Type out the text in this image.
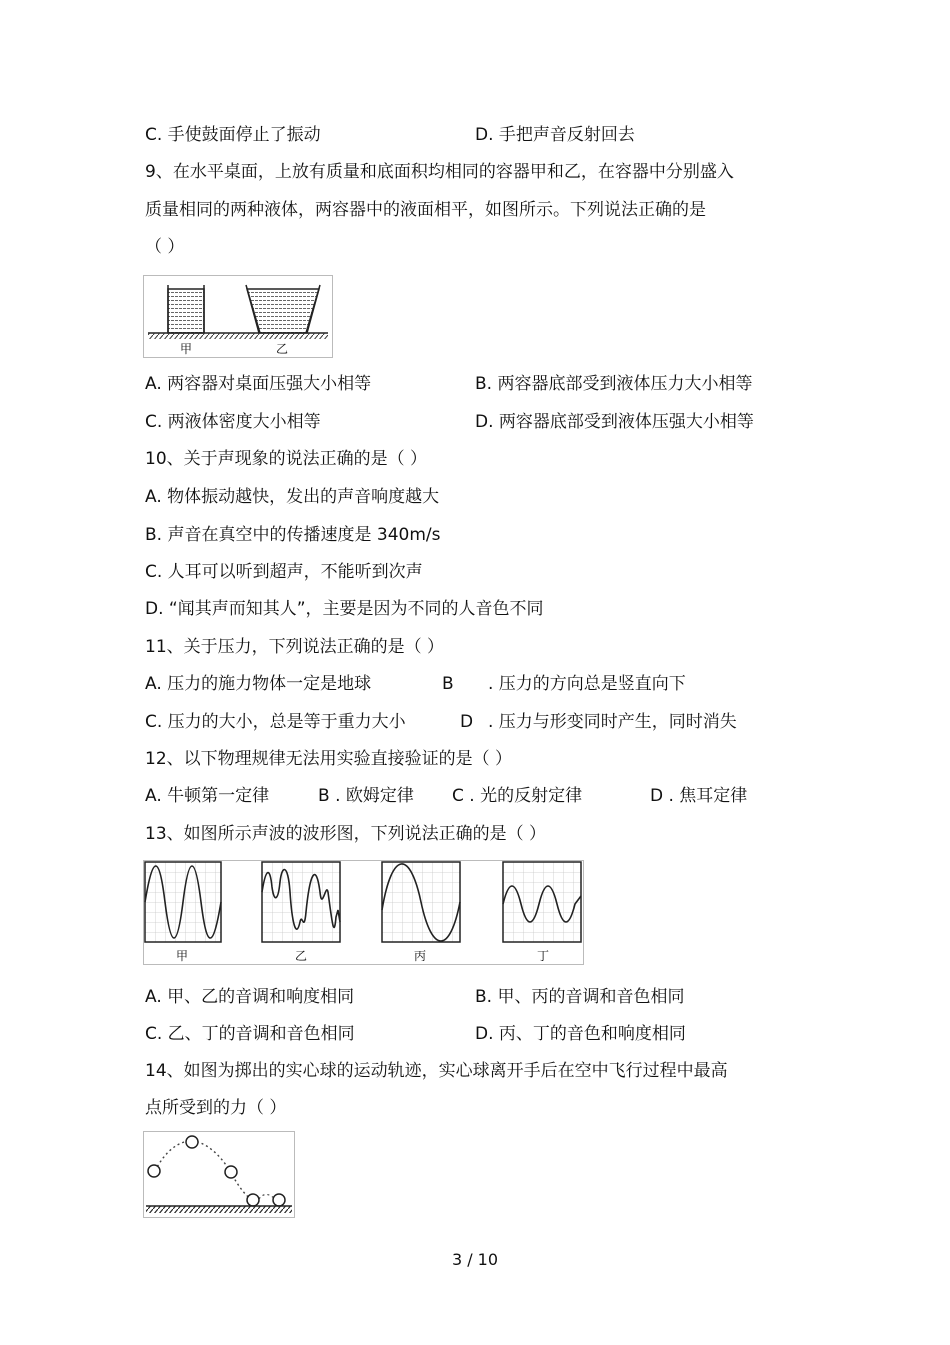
C. 手使鼓面停止了振动	D. 手把声音反射回去
9、在水平桌面，上放有质量和底面积均相同的容器甲和乙，在容器中分别盛入
质量相同的两种液体，两容器中的液面相平，如图所示。下列说法正确的是
（ ）
甲	乙
A. 两容器对桌面压强大小相等	B. 两容器底部受到液体压力大小相等
C. 两液体密度大小相等	D. 两容器底部受到液体压强大小相等
10、关于声现象的说法正确的是（ ）
A. 物体振动越快，发出的声音响度越大
B. 声音在真空中的传播速度是 340m/s
C. 人耳可以听到超声，不能听到次声
D. “闻其声而知其人”，主要是因为不同的人音色不同
11、关于压力，下列说法正确的是（ ）
A. 压力的施力物体一定是地球	B . 压力的方向总是竖直向下
C. 压力的大小，总是等于重力大小	D . 压力与形变同时产生，同时消失
12、以下物理规律无法用实验直接验证的是（ ）
A. 牛顿第一定律	B . 欧姆定律 C . 光的反射定律	D . 焦耳定律
13、如图所示声波的波形图，下列说法正确的是（ ）
甲	乙	丙	丁
A. 甲、乙的音调和响度相同	B. 甲、丙的音调和音色相同
C. 乙、丁的音调和音色相同	D. 丙、丁的音色和响度相同
14、如图为掷出的实心球的运动轨迹，实心球离开手后在空中飞行过程中最高
点所受到的力（ ）
3 / 10
